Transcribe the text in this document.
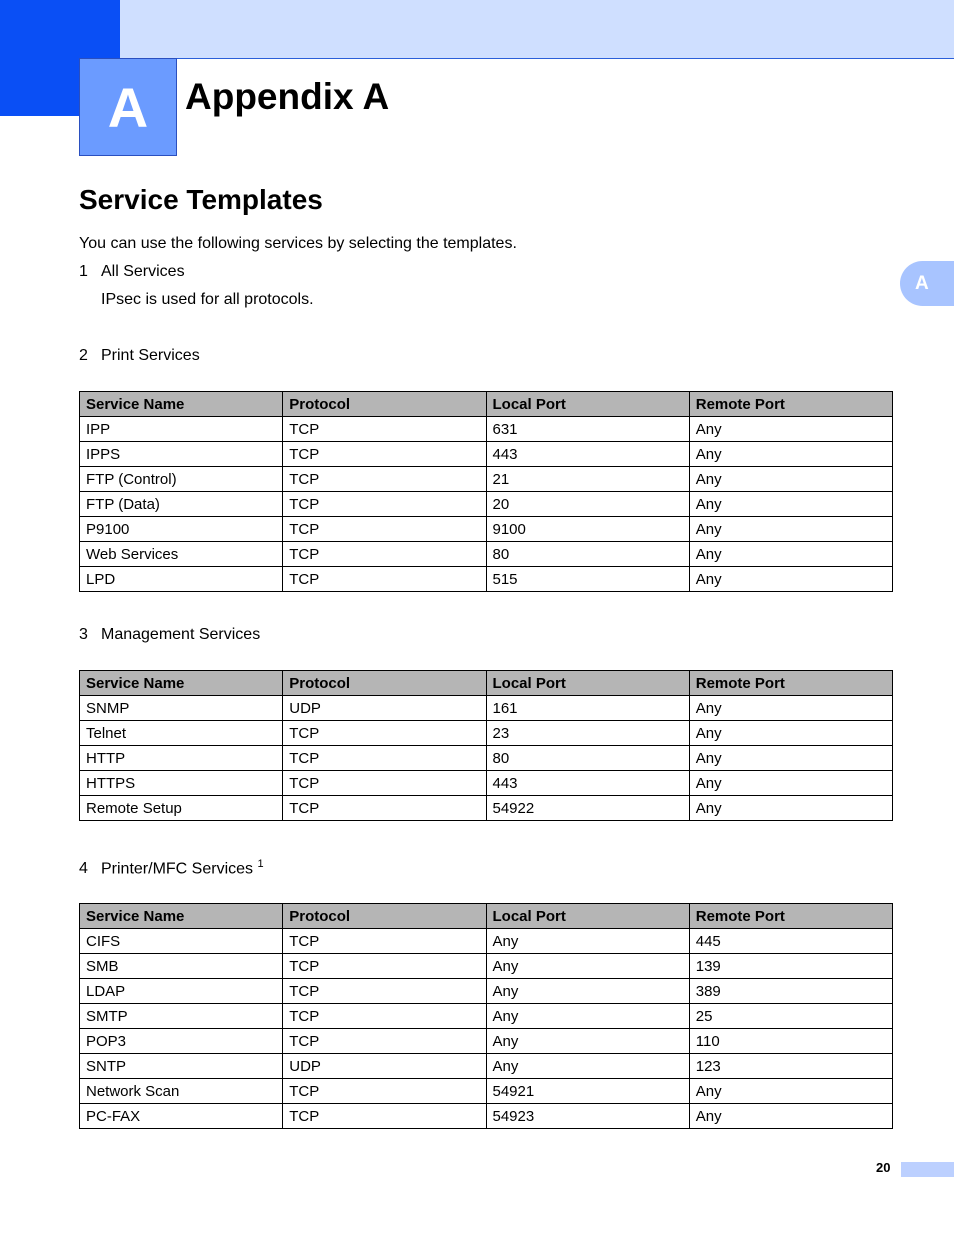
A Appendix A
A
Service Templates
You can use the following services by selecting the templates.
1 All Services
IPsec is used for all protocols.
2 Print Services
Service Name	Protocol	Local Port	Remote Port
IPP	TCP	631	Any
IPPS	TCP	443	Any
FTP (Control)	TCP	21	Any
FTP (Data)	TCP	20	Any
P9100	TCP	9100	Any
Web Services	TCP	80	Any
LPD	TCP	515	Any
3 Management Services
Service Name	Protocol	Local Port	Remote Port
SNMP	UDP	161	Any
Telnet	TCP	23	Any
HTTP	TCP	80	Any
HTTPS	TCP	443	Any
Remote Setup	TCP	54922	Any
4 Printer/MFC Services $^1$
Service Name	Protocol	Local Port	Remote Port
CIFS	TCP	Any	445
SMB	TCP	Any	139
LDAP	TCP	Any	389
SMTP	TCP	Any	25
POP3	TCP	Any	110
SNTP	UDP	Any	123
Network Scan	TCP	54921	Any
PC-FAX	TCP	54923	Any
20
